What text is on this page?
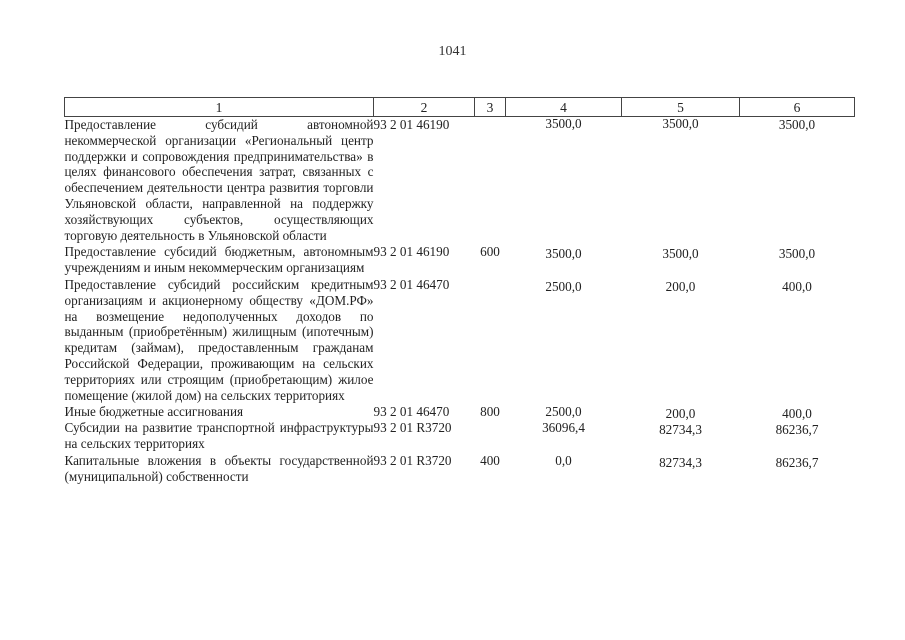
1041
1	2	3	4	5	6
Предоставление субсидий автономной некоммерческой организации «Региональный центр поддержки и сопровождения предпринимательства» в целях финансового обеспечения затрат, связанных с обеспечением деятельности центра развития торговли Ульяновской области, направленной на поддержку хозяйствующих субъектов, осуществляющих торговую деятельность в Ульяновской области	93 2 01 46190		3500,0	3500,0	3500,0
Предоставление субсидий бюджетным, автономным учреждениям и иным некоммерческим организациям	93 2 01 46190	600	3500,0	3500,0	3500,0
Предоставление субсидий российским кредитным организациям и акционерному обществу «ДОМ.РФ» на возмещение недополученных доходов по выданным (приобретённым) жилищным (ипотечным) кредитам (займам), предоставленным гражданам Российской Федерации, проживающим на сельских территориях или строящим (приобретающим) жилое помещение (жилой дом) на сельских территориях	93 2 01 46470		2500,0	200,0	400,0
Иные бюджетные ассигнования	93 2 01 46470	800	2500,0	200,0	400,0
Субсидии на развитие транспортной инфраструктуры на сельских территориях	93 2 01 R3720		36096,4	82734,3	86236,7
Капитальные вложения в объекты государственной (муниципальной) собственности	93 2 01 R3720	400	0,0	82734,3	86236,7
